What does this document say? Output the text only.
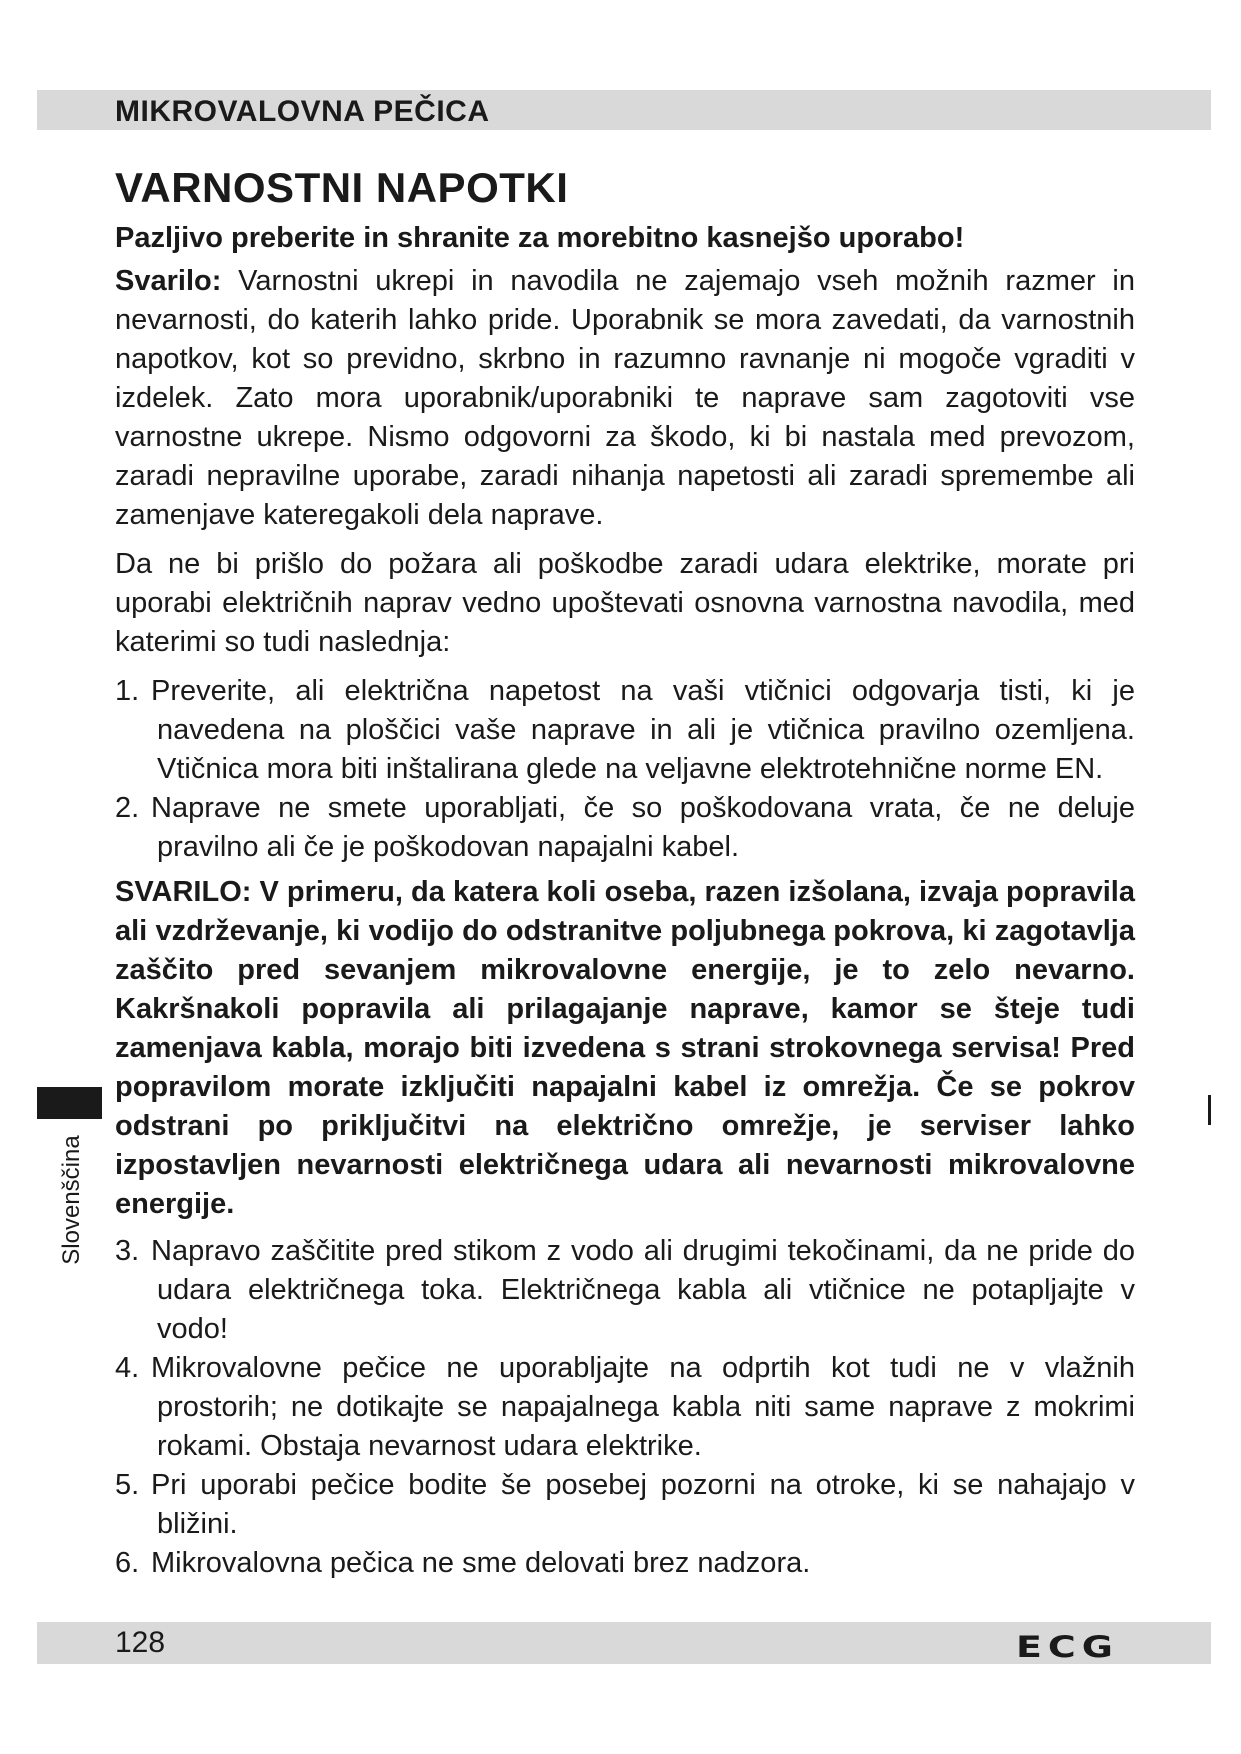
MIKROVALOVNA PEČICA
Slovenščina
VARNOSTNI NAPOTKI
Pazljivo preberite in shranite za morebitno kasnejšo uporabo!

Svarilo: Varnostni ukrepi in navodila ne zajemajo vseh možnih razmer in nevarnosti, do katerih lahko pride. Uporabnik se mora zavedati, da varnostnih napotkov, kot so previdno, skrbno in razumno ravnanje ni mogoče vgraditi v izdelek. Zato mora uporabnik/uporabniki te naprave sam zagotoviti vse varnostne ukrepe. Nismo odgovorni za škodo, ki bi nastala med prevozom, zaradi nepravilne uporabe, zaradi nihanja napetosti ali zaradi spremembe ali zamenjave kateregakoli dela naprave.

Da ne bi prišlo do požara ali poškodbe zaradi udara elektrike, morate pri uporabi električnih naprav vedno upoštevati osnovna varnostna navodila, med katerimi so tudi naslednja:

1. Preverite, ali električna napetost na vaši vtičnici odgovarja tisti, ki je navedena na ploščici vaše naprave in ali je vtičnica pravilno ozemljena. Vtičnica mora biti inštalirana glede na veljavne elektrotehnične norme EN.
2. Naprave ne smete uporabljati, če so poškodovana vrata, če ne deluje pravilno ali če je poškodovan napajalni kabel.
SVARILO: V primeru, da katera koli oseba, razen izšolana, izvaja popravila ali vzdrževanje, ki vodijo do odstranitve poljubnega pokrova, ki zagotavlja zaščito pred sevanjem mikrovalovne energije, je to zelo nevarno. Kakršnakoli popravila ali prilagajanje naprave, kamor se šteje tudi zamenjava kabla, morajo biti izvedena s strani strokovnega servisa! Pred popravilom morate izključiti napajalni kabel iz omrežja. Če se pokrov odstrani po priključitvi na električno omrežje, je serviser lahko izpostavljen nevarnosti električnega udara ali nevarnosti mikrovalovne energije.
3. Napravo zaščitite pred stikom z vodo ali drugimi tekočinami, da ne pride do udara električnega toka. Električnega kabla ali vtičnice ne potapljajte v vodo!
4. Mikrovalovne pečice ne uporabljajte na odprtih kot tudi ne v vlažnih prostorih; ne dotikajte se napajalnega kabla niti same naprave z mokrimi rokami. Obstaja nevarnost udara elektrike.
5. Pri uporabi pečice bodite še posebej pozorni na otroke, ki se nahajajo v bližini.
6. Mikrovalovna pečica ne sme delovati brez nadzora.
128	ECG
